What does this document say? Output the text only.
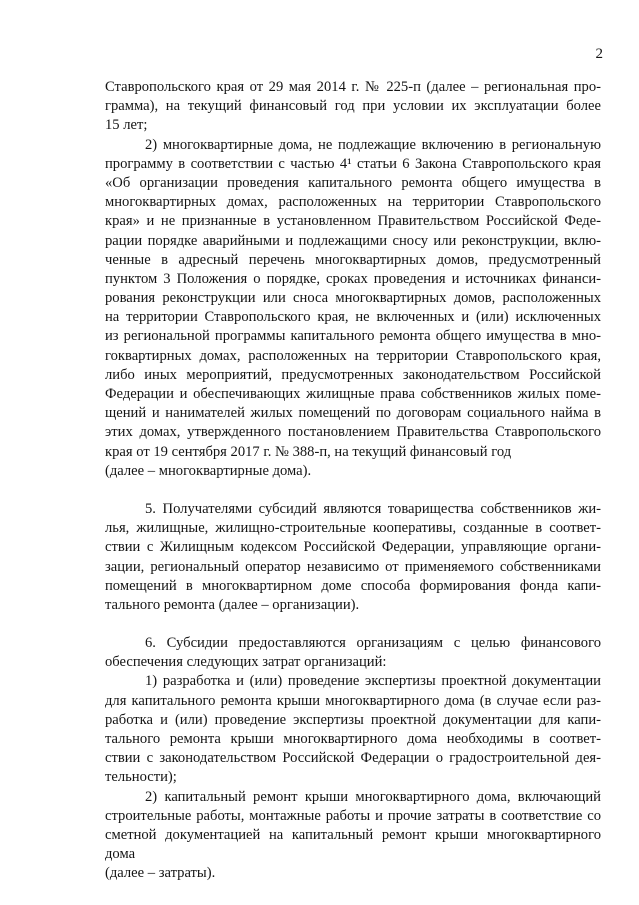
2
Ставропольского края от 29 мая 2014 г. № 225-п (далее – региональная про-
грамма), на текущий финансовый год при условии их эксплуатации более
15 лет;
2) многоквартирные дома, не подлежащие включению в региональную
программу в соответствии с частью 4¹ статьи 6 Закона Ставропольского края
«Об организации проведения капитального ремонта общего имущества в
многоквартирных домах, расположенных на территории Ставропольского
края» и не признанные в установленном Правительством Российской Феде-
рации порядке аварийными и подлежащими сносу или реконструкции, вклю-
ченные в адресный перечень многоквартирных домов, предусмотренный
пунктом 3 Положения о порядке, сроках проведения и источниках финанси-
рования реконструкции или сноса многоквартирных домов, расположенных
на территории Ставропольского края, не включенных и (или) исключенных
из региональной программы капитального ремонта общего имущества в мно-
гоквартирных домах, расположенных на территории Ставропольского края,
либо иных мероприятий, предусмотренных законодательством Российской
Федерации и обеспечивающих жилищные права собственников жилых поме-
щений и нанимателей жилых помещений по договорам социального найма в
этих домах, утвержденного постановлением Правительства Ставропольского
края от 19 сентября 2017 г. № 388-п, на текущий финансовый год
(далее – многоквартирные дома).
5. Получателями субсидий являются товарищества собственников жи-
лья, жилищные, жилищно-строительные кооперативы, созданные в соответ-
ствии с Жилищным кодексом Российской Федерации, управляющие органи-
зации, региональный оператор независимо от применяемого собственниками
помещений в многоквартирном доме способа формирования фонда капи-
тального ремонта (далее – организации).
6. Субсидии предоставляются организациям с целью финансового
обеспечения следующих затрат организаций:
1) разработка и (или) проведение экспертизы проектной документации
для капитального ремонта крыши многоквартирного дома (в случае если раз-
работка и (или) проведение экспертизы проектной документации для капи-
тального ремонта крыши многоквартирного дома необходимы в соответ-
ствии с законодательством Российской Федерации о градостроительной дея-
тельности);
2) капитальный ремонт крыши многоквартирного дома, включающий
строительные работы, монтажные работы и прочие затраты в соответствие со
сметной документацией на капитальный ремонт крыши многоквартирного
дома
(далее – затраты).
